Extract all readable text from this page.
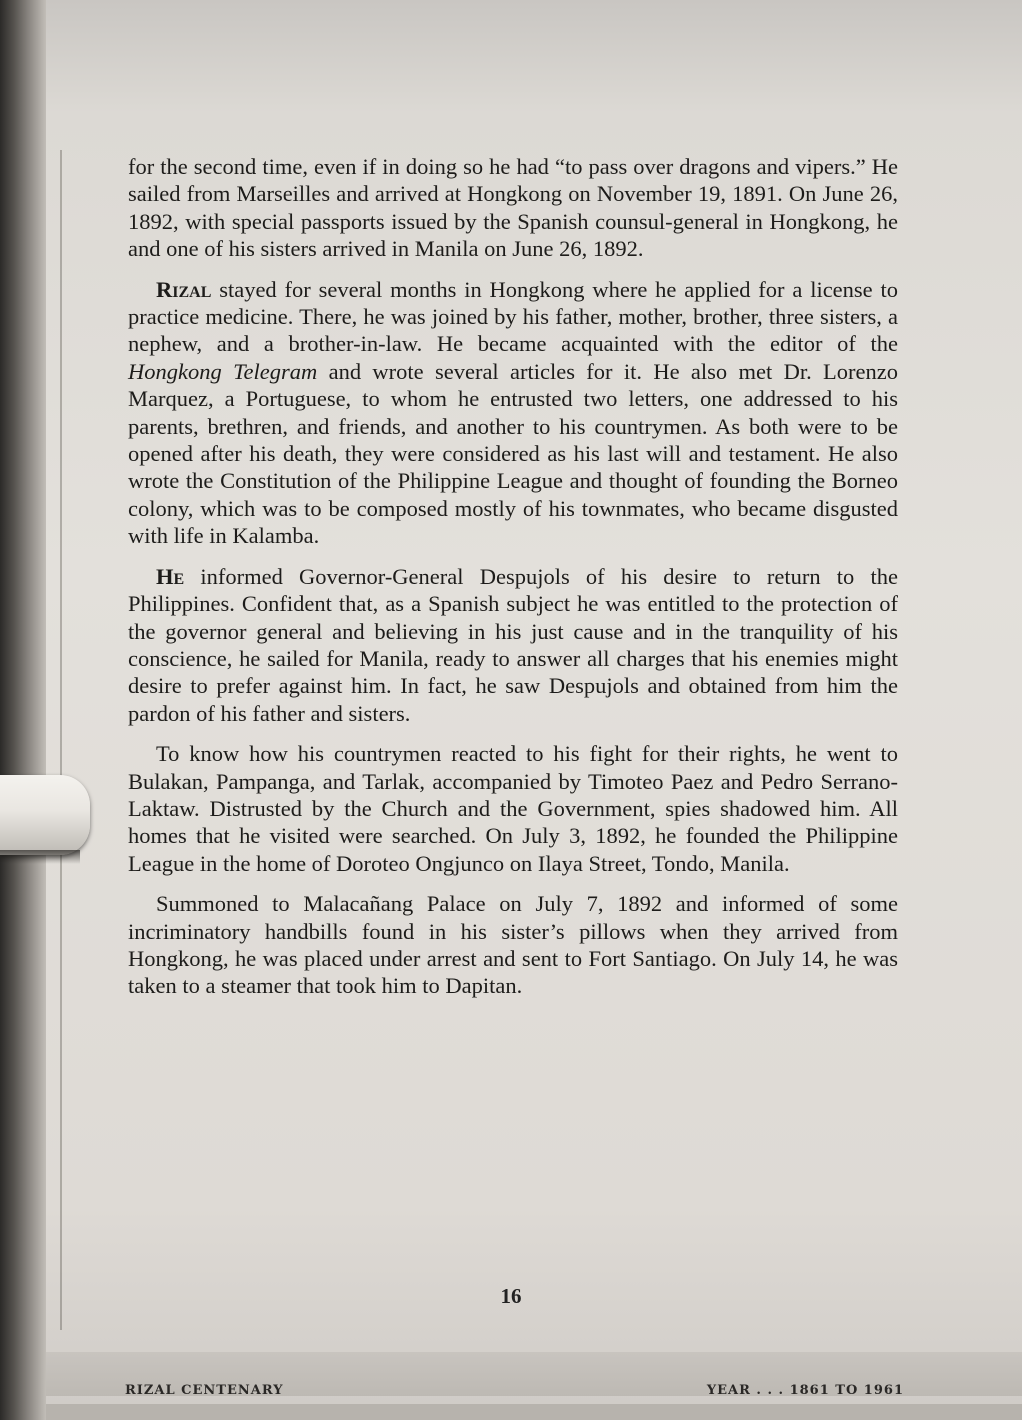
for the second time, even if in doing so he had “to pass over dragons and vipers.” He sailed from Marseilles and arrived at Hongkong on November 19, 1891. On June 26, 1892, with special passports issued by the Spanish counsul-general in Hongkong, he and one of his sisters arrived in Manila on June 26, 1892.

Rizal stayed for several months in Hongkong where he applied for a license to practice medicine. There, he was joined by his father, mother, brother, three sisters, a nephew, and a brother-in-law. He became acquainted with the editor of the Hongkong Telegram and wrote several articles for it. He also met Dr. Lorenzo Marquez, a Portuguese, to whom he entrusted two letters, one addressed to his parents, brethren, and friends, and another to his countrymen. As both were to be opened after his death, they were considered as his last will and testament. He also wrote the Constitution of the Philippine League and thought of founding the Borneo colony, which was to be composed mostly of his townmates, who became disgusted with life in Kalamba.

He informed Governor-General Despujols of his desire to return to the Philippines. Confident that, as a Spanish subject he was entitled to the protection of the governor general and believing in his just cause and in the tranquility of his conscience, he sailed for Manila, ready to answer all charges that his enemies might desire to prefer against him. In fact, he saw Despujols and obtained from him the pardon of his father and sisters.

To know how his countrymen reacted to his fight for their rights, he went to Bulakan, Pampanga, and Tarlak, accompanied by Timoteo Paez and Pedro Serrano-Laktaw. Distrusted by the Church and the Government, spies shadowed him. All homes that he visited were searched. On July 3, 1892, he founded the Philippine League in the home of Doroteo Ongjunco on Ilaya Street, Tondo, Manila.

Summoned to Malacañang Palace on July 7, 1892 and informed of some incriminatory handbills found in his sister’s pillows when they arrived from Hongkong, he was placed under arrest and sent to Fort Santiago. On July 14, he was taken to a steamer that took him to Dapitan.

16
RIZAL CENTENARY	YEAR . . . 1861 TO 1961
